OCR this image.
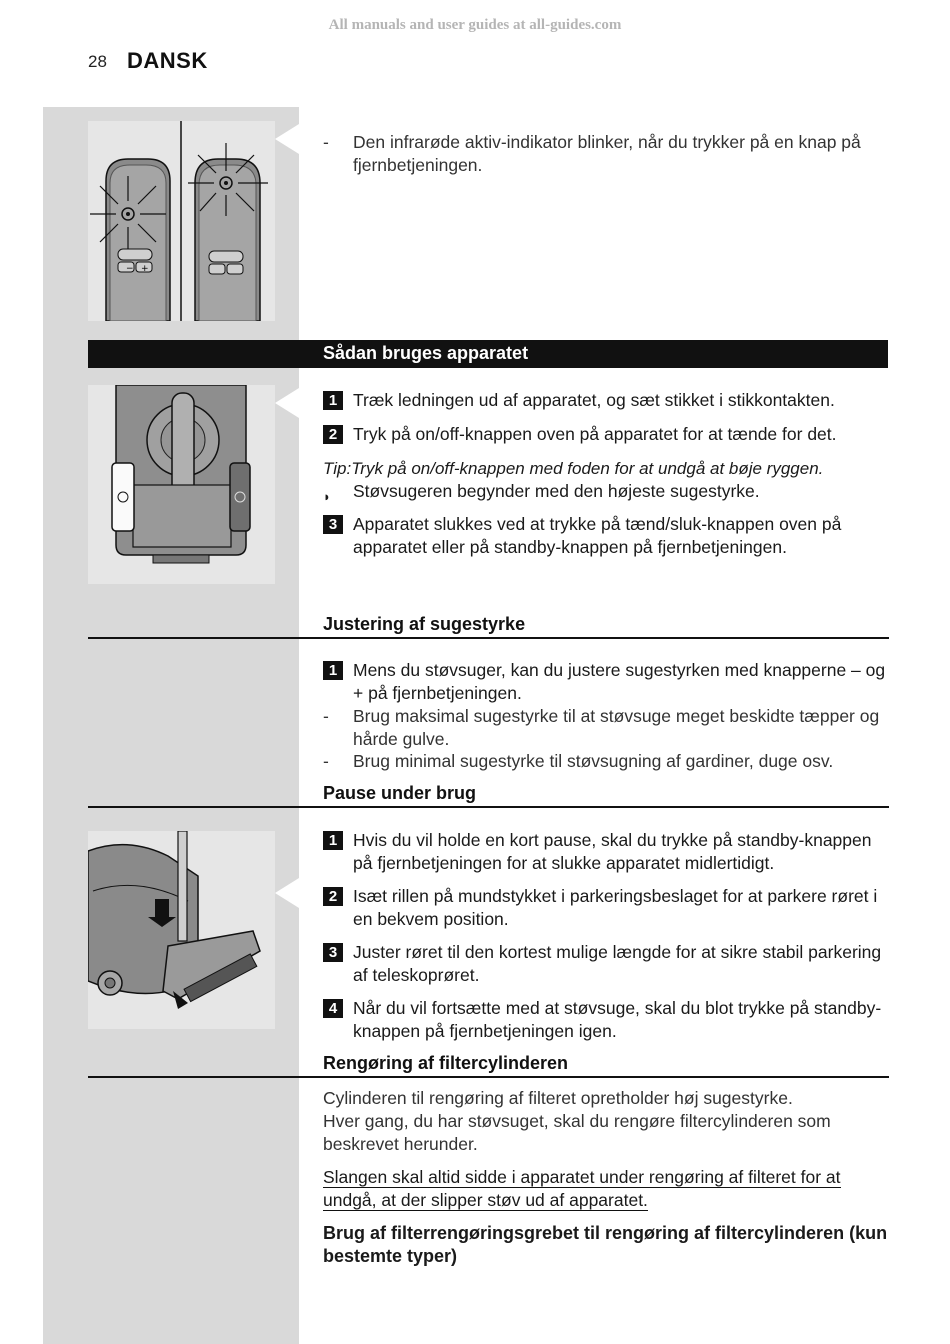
All manuals and user guides at all-guides.com
28 DANSK
− +
- Den infrarøde aktiv-indikator blinker, når du trykker på en knap på fjernbetjeningen.
Sådan bruges apparatet
1 Træk ledningen ud af apparatet, og sæt stikket i stikkontakten.
2 Tryk på on/off-knappen oven på apparatet for at tænde for det.
Tip:Tryk på on/off-knappen med foden for at undgå at bøje ryggen.
◗ Støvsugeren begynder med den højeste sugestyrke.
3 Apparatet slukkes ved at trykke på tænd/sluk-knappen oven på apparatet eller på standby-knappen på fjernbetjeningen.
Justering af sugestyrke
1 Mens du støvsuger, kan du justere sugestyrken med knapperne – og + på fjernbetjeningen.
- Brug maksimal sugestyrke til at støvsuge meget beskidte tæpper og hårde gulve.
- Brug minimal sugestyrke til støvsugning af gardiner, duge osv.
Pause under brug
1 Hvis du vil holde en kort pause, skal du trykke på standby-knappen på fjernbetjeningen for at slukke apparatet midlertidigt.
2 Isæt rillen på mundstykket i parkeringsbeslaget for at parkere røret i en bekvem position.
3 Juster røret til den kortest mulige længde for at sikre stabil parkering af teleskoprøret.
4 Når du vil fortsætte med at støvsuge, skal du blot trykke på standby-knappen på fjernbetjeningen igen.
Rengøring af filtercylinderen
Cylinderen til rengøring af filteret opretholder høj sugestyrke.
Hver gang, du har støvsuget, skal du rengøre filtercylinderen som beskrevet herunder.
Slangen skal altid sidde i apparatet under rengøring af filteret for at undgå, at der slipper støv ud af apparatet.
Brug af filterrengøringsgrebet til rengøring af filtercylinderen (kun bestemte typer)
